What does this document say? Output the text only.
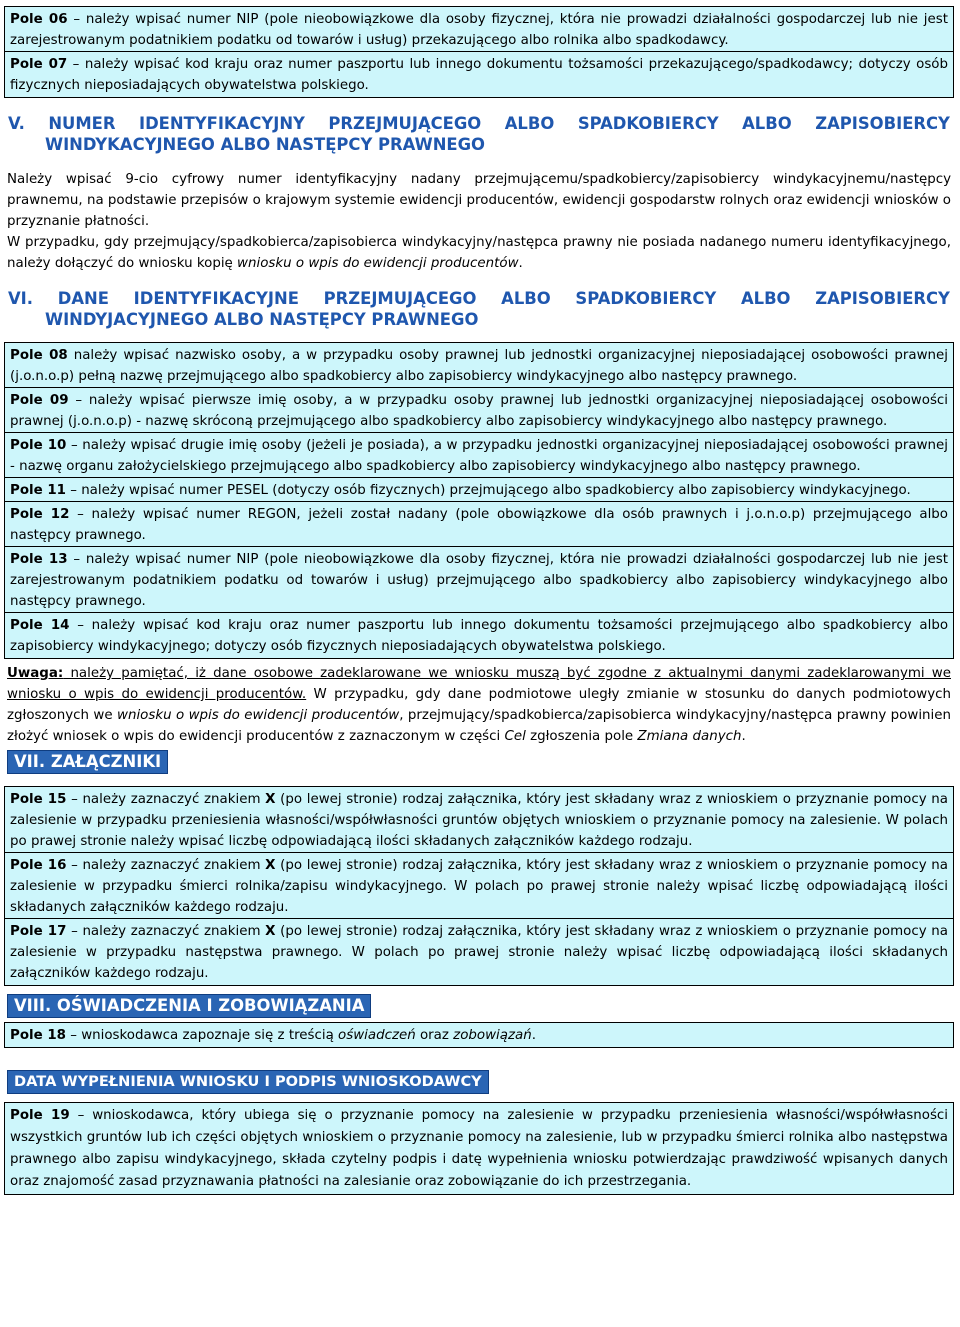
Pole 06 – należy wpisać numer NIP (pole nieobowiązkowe dla osoby fizycznej, która nie prowadzi działalności gospodarczej lub nie jest zarejestrowanym podatnikiem podatku od towarów i usług) przekazującego albo rolnika albo spadkodawcy.
Pole 07 – należy wpisać kod kraju oraz numer paszportu lub innego dokumentu tożsamości przekazującego/spadkodawcy; dotyczy osób fizycznych nieposiadających obywatelstwa polskiego.
V. NUMER IDENTYFIKACYJNY PRZEJMUJĄCEGO ALBO SPADKOBIERCY ALBO ZAPISOBIERCY
WINDYKACYJNEGO ALBO NASTĘPCY PRAWNEGO
Należy wpisać 9-cio cyfrowy numer identyfikacyjny nadany przejmującemu/spadkobiercy/zapisobiercy windykacyjnemu/następcy prawnemu, na podstawie przepisów o krajowym systemie ewidencji producentów, ewidencji gospodarstw rolnych oraz ewidencji wniosków o przyznanie płatności.
W przypadku, gdy przejmujący/spadkobierca/zapisobierca windykacyjny/następca prawny nie posiada nadanego numeru identyfikacyjnego, należy dołączyć do wniosku kopię wniosku o wpis do ewidencji producentów.
VI. DANE IDENTYFIKACYJNE PRZEJMUJĄCEGO ALBO SPADKOBIERCY ALBO ZAPISOBIERCY
WINDYJACYJNEGO ALBO NASTĘPCY PRAWNEGO
Pole 08 należy wpisać nazwisko osoby, a w przypadku osoby prawnej lub jednostki organizacyjnej nieposiadającej osobowości prawnej (j.o.n.o.p) pełną nazwę przejmującego albo spadkobiercy albo zapisobiercy windykacyjnego albo następcy prawnego.
Pole 09 – należy wpisać pierwsze imię osoby, a w przypadku osoby prawnej lub jednostki organizacyjnej nieposiadającej osobowości prawnej (j.o.n.o.p) - nazwę skróconą przejmującego albo spadkobiercy albo zapisobiercy windykacyjnego albo następcy prawnego.
Pole 10 – należy wpisać drugie imię osoby (jeżeli je posiada), a w przypadku jednostki organizacyjnej nieposiadającej osobowości prawnej - nazwę organu założycielskiego przejmującego albo spadkobiercy albo zapisobiercy windykacyjnego albo następcy prawnego.
Pole 11 – należy wpisać numer PESEL (dotyczy osób fizycznych) przejmującego albo spadkobiercy albo zapisobiercy windykacyjnego.
Pole 12 – należy wpisać numer REGON, jeżeli został nadany (pole obowiązkowe dla osób prawnych i j.o.n.o.p) przejmującego albo następcy prawnego.
Pole 13 – należy wpisać numer NIP (pole nieobowiązkowe dla osoby fizycznej, która nie prowadzi działalności gospodarczej lub nie jest zarejestrowanym podatnikiem podatku od towarów i usług) przejmującego albo spadkobiercy albo zapisobiercy windykacyjnego albo następcy prawnego.
Pole 14 – należy wpisać kod kraju oraz numer paszportu lub innego dokumentu tożsamości przejmującego albo spadkobiercy albo zapisobiercy windykacyjnego; dotyczy osób fizycznych nieposiadających obywatelstwa polskiego.
Uwaga: należy pamiętać, iż dane osobowe zadeklarowane we wniosku muszą być zgodne z aktualnymi danymi zadeklarowanymi we wniosku o wpis do ewidencji producentów. W przypadku, gdy dane podmiotowe uległy zmianie w stosunku do danych podmiotowych zgłoszonych we wniosku o wpis do ewidencji producentów, przejmujący/spadkobierca/zapisobierca windykacyjny/następca prawny powinien złożyć wniosek o wpis do ewidencji producentów z zaznaczonym w części Cel zgłoszenia pole Zmiana danych.
VII. ZAŁĄCZNIKI
Pole 15 – należy zaznaczyć znakiem X (po lewej stronie) rodzaj załącznika, który jest składany wraz z wnioskiem o przyznanie pomocy na zalesienie w przypadku przeniesienia własności/współwłasności gruntów objętych wnioskiem o przyznanie pomocy na zalesienie. W polach po prawej stronie należy wpisać liczbę odpowiadającą ilości składanych załączników każdego rodzaju.
Pole 16 – należy zaznaczyć znakiem X (po lewej stronie) rodzaj załącznika, który jest składany wraz z wnioskiem o przyznanie pomocy na zalesienie w przypadku śmierci rolnika/zapisu windykacyjnego. W polach po prawej stronie należy wpisać liczbę odpowiadającą ilości składanych załączników każdego rodzaju.
Pole 17 – należy zaznaczyć znakiem X (po lewej stronie) rodzaj załącznika, który jest składany wraz z wnioskiem o przyznanie pomocy na zalesienie w przypadku następstwa prawnego. W polach po prawej stronie należy wpisać liczbę odpowiadającą ilości składanych załączników każdego rodzaju.
VIII. OŚWIADCZENIA I ZOBOWIĄZANIA
Pole 18 – wnioskodawca zapoznaje się z treścią oświadczeń oraz zobowiązań.
DATA WYPEŁNIENIA WNIOSKU I PODPIS WNIOSKODAWCY
Pole 19 – wnioskodawca, który ubiega się o przyznanie pomocy na zalesienie w przypadku przeniesienia własności/współwłasności wszystkich gruntów lub ich części objętych wnioskiem o przyznanie pomocy na zalesienie, lub w przypadku śmierci rolnika albo następstwa prawnego albo zapisu windykacyjnego, składa czytelny podpis i datę wypełnienia wniosku potwierdzając prawdziwość wpisanych danych oraz znajomość zasad przyznawania płatności na zalesianie oraz zobowiązanie do ich przestrzegania.
